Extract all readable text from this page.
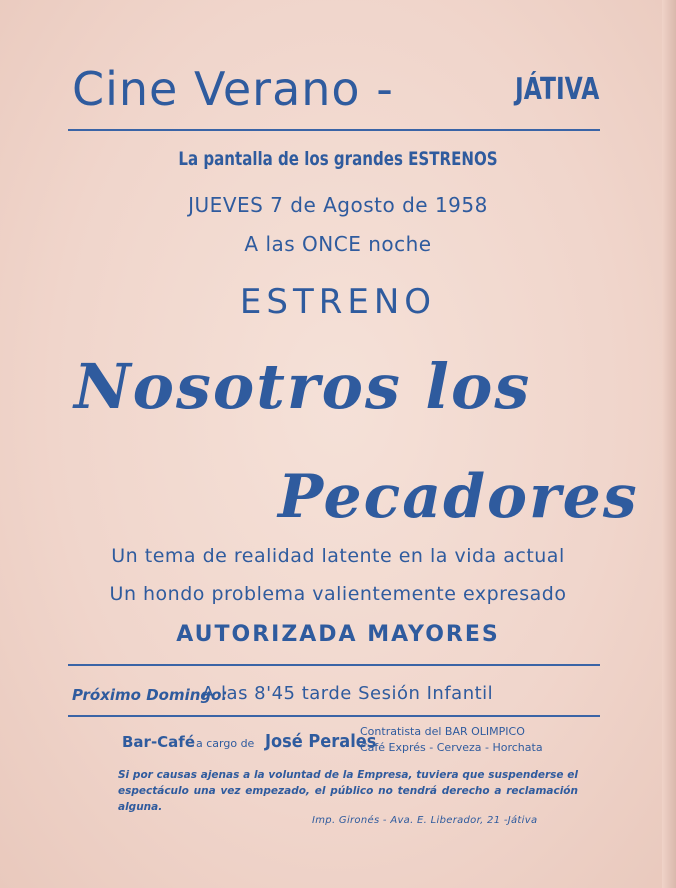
Cine Verano -	JÁTIVA
La pantalla de los grandes ESTRENOS
JUEVES 7 de Agosto de 1958
A las ONCE noche
ESTRENO
Nosotros los
Pecadores
Un tema de realidad latente en la vida actual
Un hondo problema valientemente expresado
AUTORIZADA MAYORES
Próximo Domingo:
A las 8'45 tarde Sesión Infantil
Bar-Café a cargo de José Perales
Contratista del BAR OLIMPICO
Café Exprés - Cerveza - Horchata
Si por causas ajenas a la voluntad de la Empresa, tuviera que suspenderse el espectáculo una vez empezado, el público no tendrá derecho a reclamación alguna.
Imp. Gironés - Ava. E. Liberador, 21 -Játiva
